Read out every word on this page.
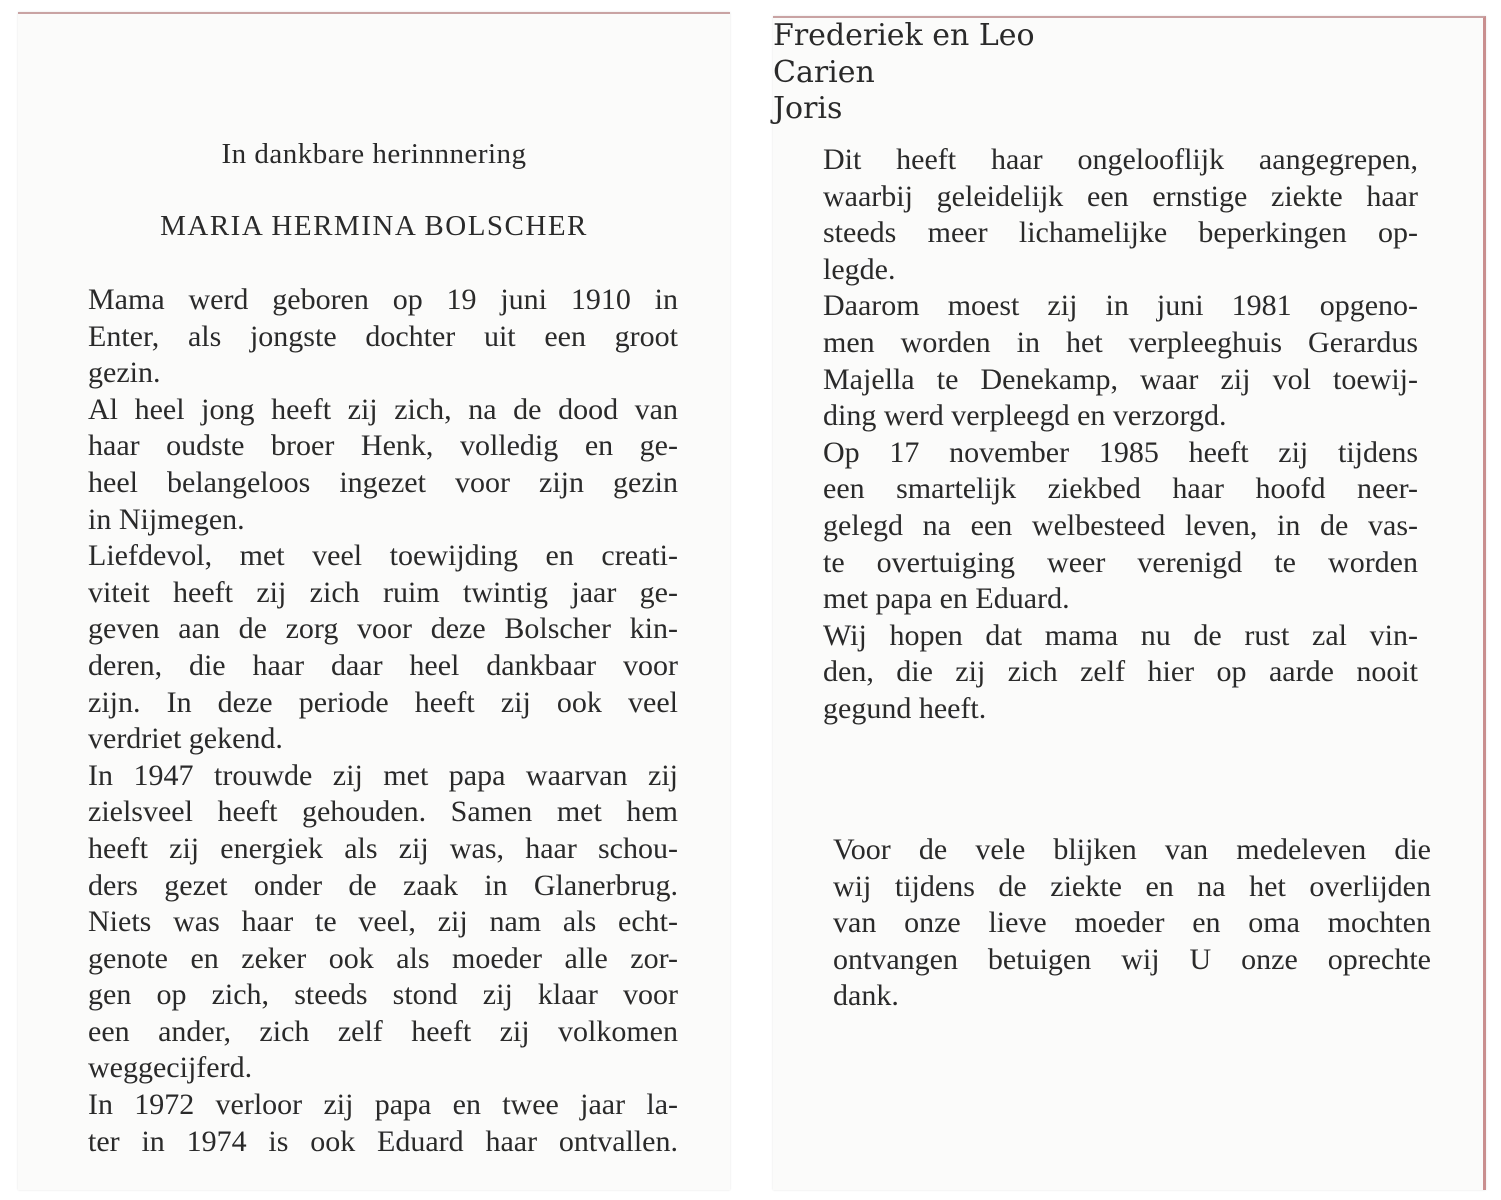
In dankbare herinnnering
MARIA HERMINA BOLSCHER
Mama werd geboren op 19 juni 1910 in
Enter, als jongste dochter uit een groot
gezin.
Al heel jong heeft zij zich, na de dood van
haar oudste broer Henk, volledig en ge-
heel belangeloos ingezet voor zijn gezin
in Nijmegen.
Liefdevol, met veel toewijding en creati-
viteit heeft zij zich ruim twintig jaar ge-
geven aan de zorg voor deze Bolscher kin-
deren, die haar daar heel dankbaar voor
zijn. In deze periode heeft zij ook veel
verdriet gekend.
In 1947 trouwde zij met papa waarvan zij
zielsveel heeft gehouden. Samen met hem
heeft zij energiek als zij was, haar schou-
ders gezet onder de zaak in Glanerbrug.
Niets was haar te veel, zij nam als echt-
genote en zeker ook als moeder alle zor-
gen op zich, steeds stond zij klaar voor
een ander, zich zelf heeft zij volkomen
weggecijferd.
In 1972 verloor zij papa en twee jaar la-
ter in 1974 is ook Eduard haar ontvallen.
Dit heeft haar ongelooflijk aangegrepen,
waarbij geleidelijk een ernstige ziekte haar
steeds meer lichamelijke beperkingen op-
legde.
Daarom moest zij in juni 1981 opgeno-
men worden in het verpleeghuis Gerardus
Majella te Denekamp, waar zij vol toewij-
ding werd verpleegd en verzorgd.
Op 17 november 1985 heeft zij tijdens
een smartelijk ziekbed haar hoofd neer-
gelegd na een welbesteed leven, in de vas-
te overtuiging weer verenigd te worden
met papa en Eduard.
Wij hopen dat mama nu de rust zal vin-
den, die zij zich zelf hier op aarde nooit
gegund heeft.
Voor de vele blijken van medeleven die
wij tijdens de ziekte en na het overlijden
van onze lieve moeder en oma mochten
ontvangen betuigen wij U onze oprechte
dank.
Frederiek en Leo
Carien
Joris
